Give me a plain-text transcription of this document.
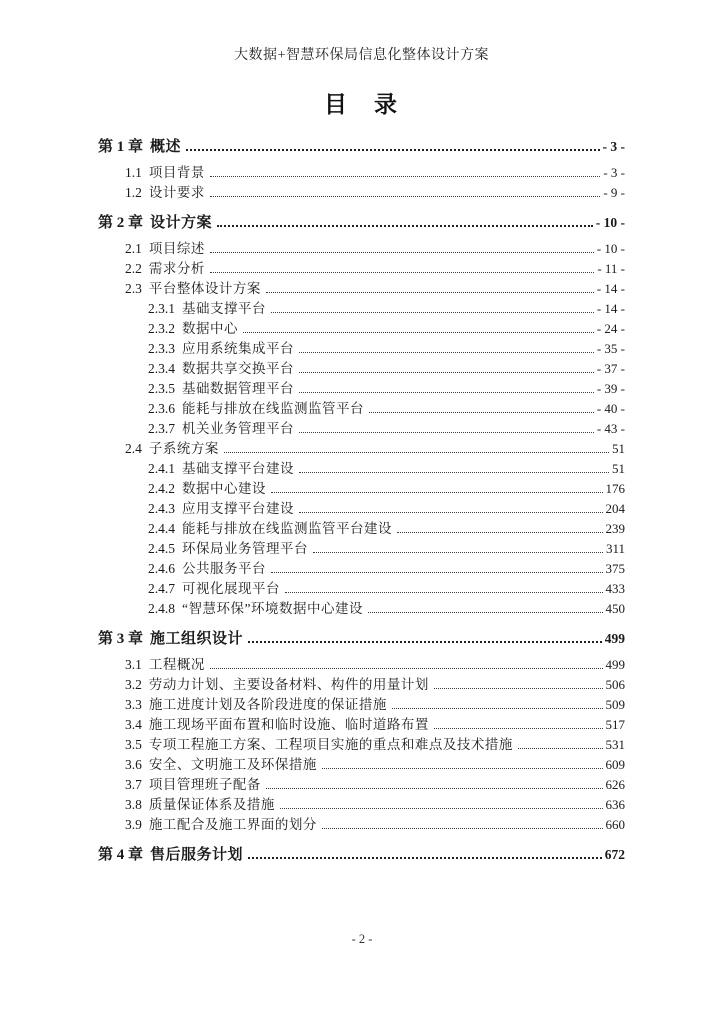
大数据+智慧环保局信息化整体设计方案
目　录
第 1 章 概述	- 3 -
1.1 项目背景	- 3 -
1.2 设计要求	- 9 -
第 2 章 设计方案	- 10 -
2.1 项目综述	- 10 -
2.2 需求分析	- 11 -
2.3 平台整体设计方案	- 14 -
2.3.1 基础支撑平台	- 14 -
2.3.2 数据中心	- 24 -
2.3.3 应用系统集成平台	- 35 -
2.3.4 数据共享交换平台	- 37 -
2.3.5 基础数据管理平台	- 39 -
2.3.6 能耗与排放在线监测监管平台	- 40 -
2.3.7 机关业务管理平台	- 43 -
2.4 子系统方案	51
2.4.1 基础支撑平台建设	51
2.4.2 数据中心建设	176
2.4.3 应用支撑平台建设	204
2.4.4 能耗与排放在线监测监管平台建设	239
2.4.5 环保局业务管理平台	311
2.4.6 公共服务平台	375
2.4.7 可视化展现平台	433
2.4.8 “智慧环保”环境数据中心建设	450
第 3 章 施工组织设计	499
3.1 工程概况	499
3.2 劳动力计划、主要设备材料、构件的用量计划	506
3.3 施工进度计划及各阶段进度的保证措施	509
3.4 施工现场平面布置和临时设施、临时道路布置	517
3.5 专项工程施工方案、工程项目实施的重点和难点及技术措施	531
3.6 安全、文明施工及环保措施	609
3.7 项目管理班子配备	626
3.8 质量保证体系及措施	636
3.9 施工配合及施工界面的划分	660
第 4 章 售后服务计划	672
- 2 -
